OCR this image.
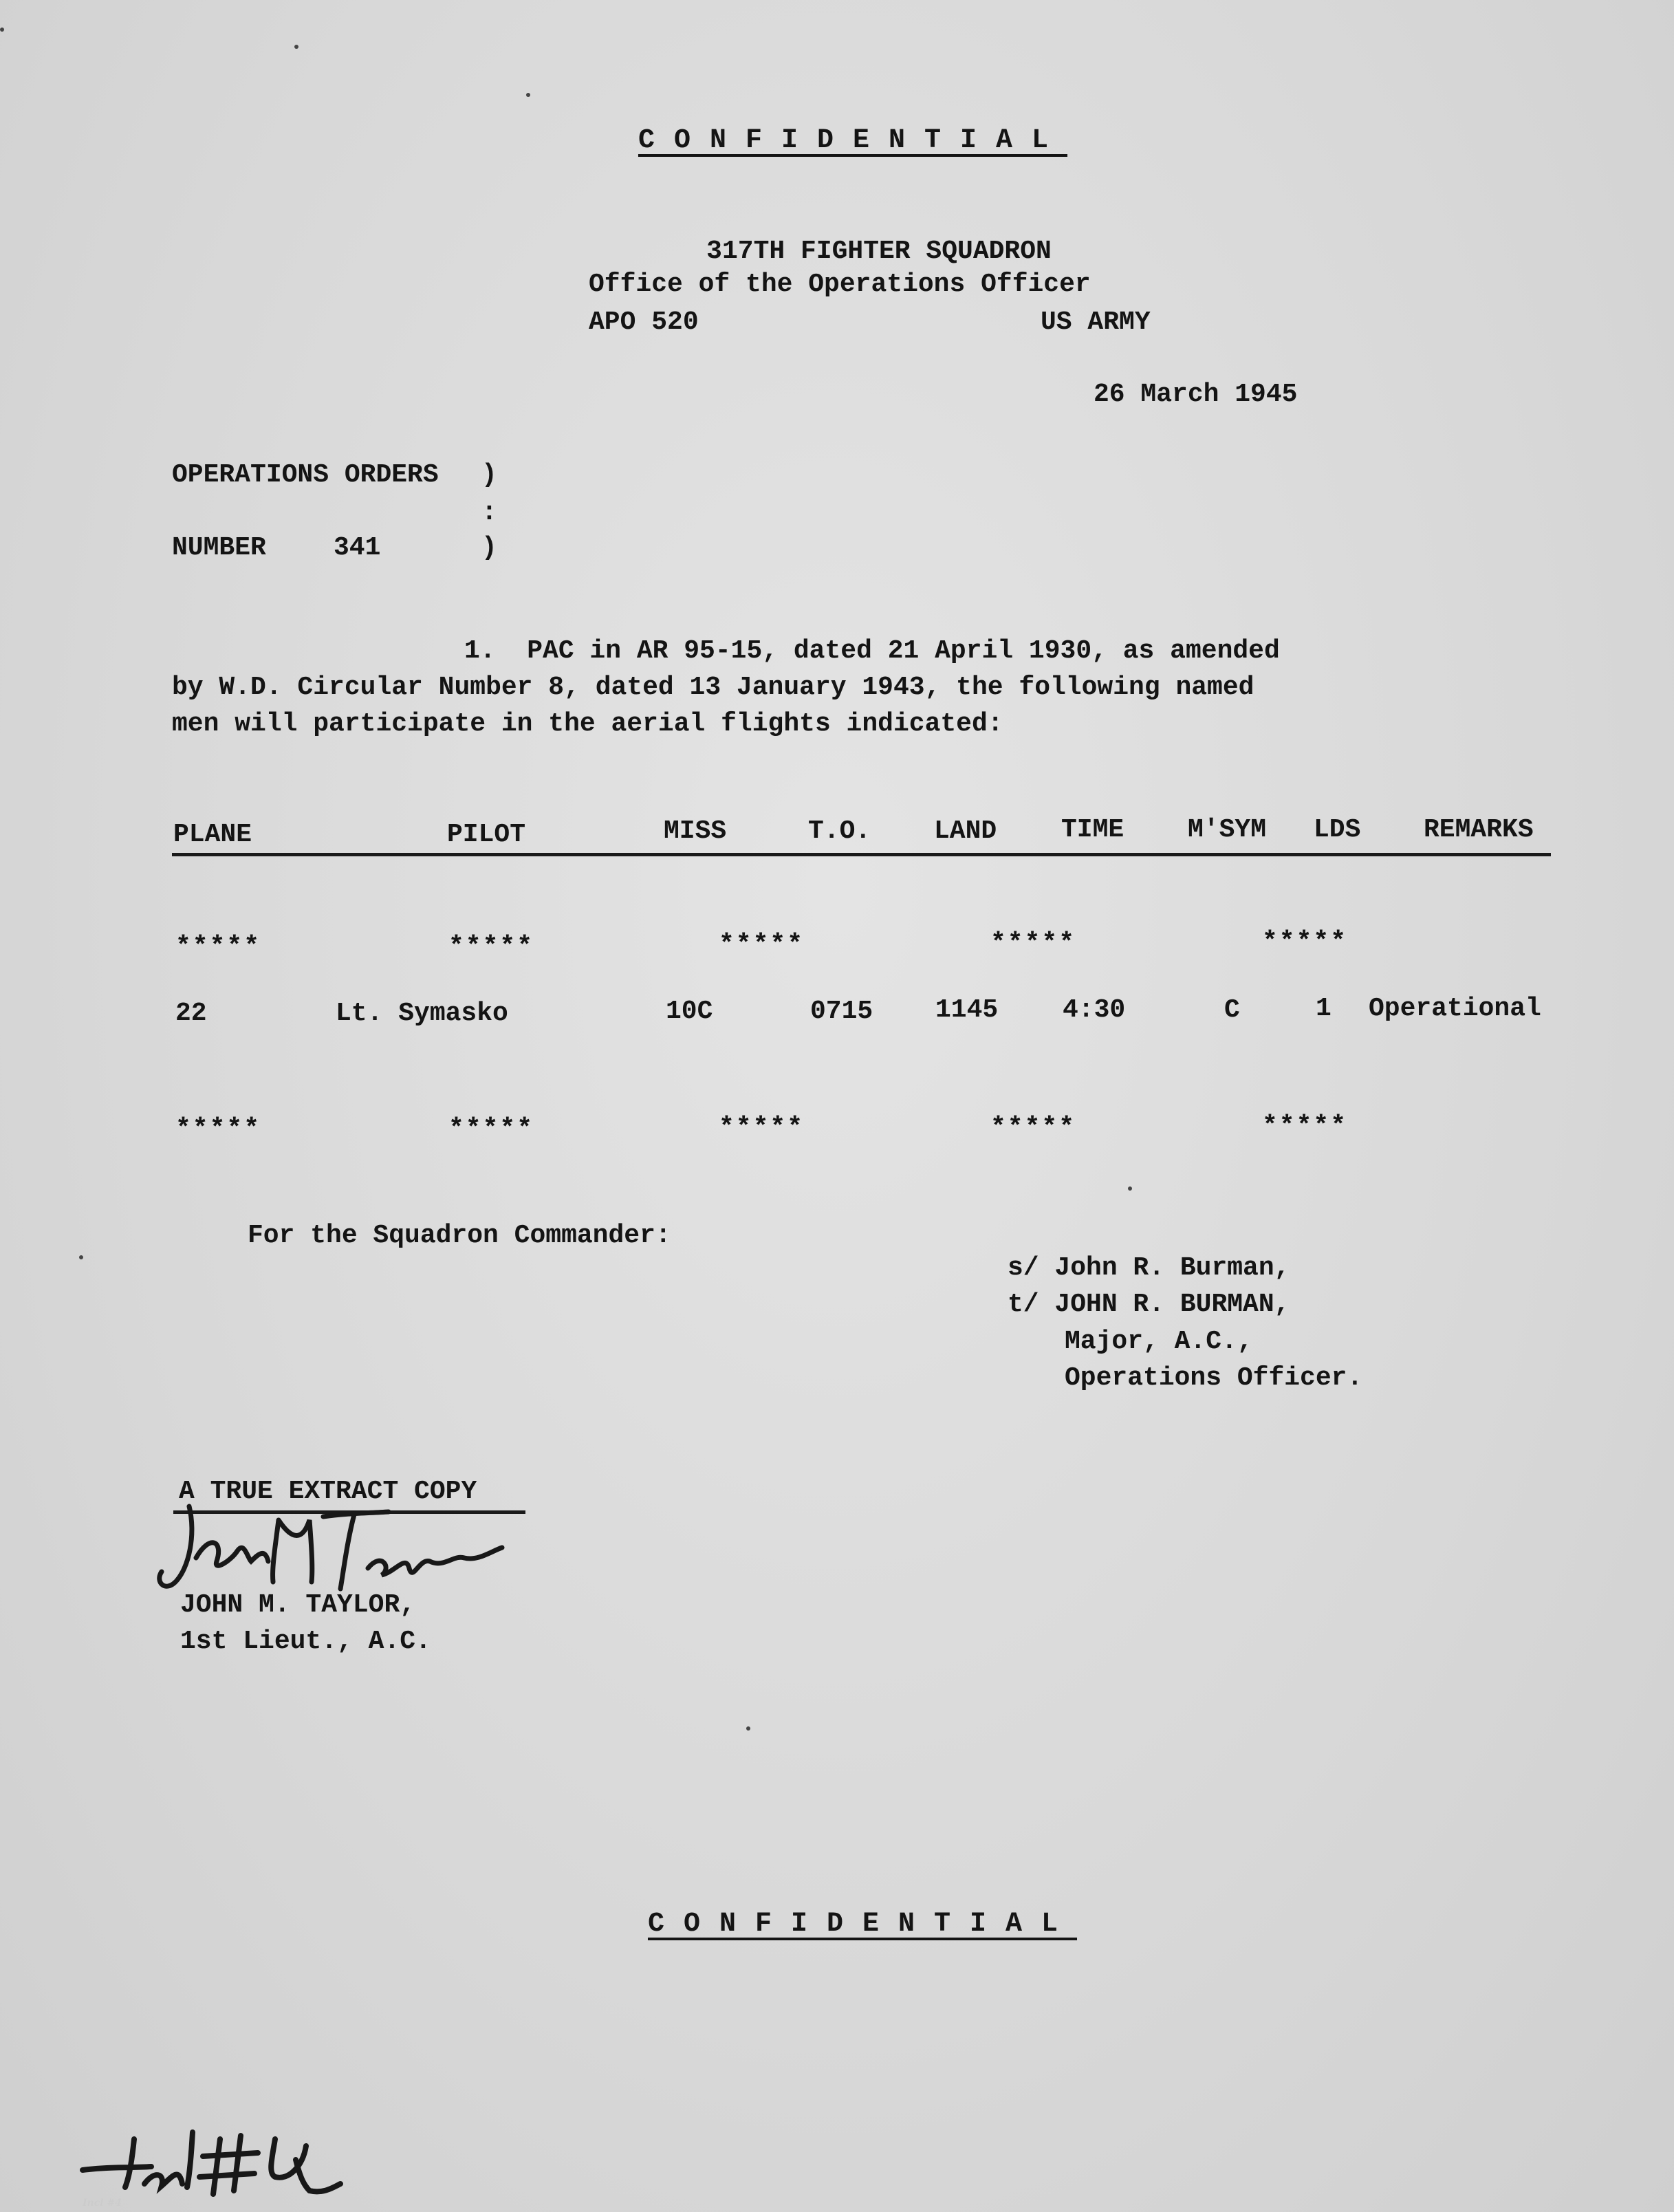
CONFIDENTIAL
317TH FIGHTER SQUADRON
Office of the Operations Officer
APO 520	US ARMY
26 March 1945
OPERATIONS ORDERS )
:
NUMBER	341	)
1.  PAC in AR 95-15, dated 21 April 1930, as amended
by W.D. Circular Number 8, dated 13 January 1943, the following named
men will participate in the aerial flights indicated:
PLANE	PILOT	MISS	T.O. LAND TIME M'SYM LDS REMARKS
*****	*****	*****	*****	*****
22	Lt. Symasko	10C	0715 1145 4:30	C	1 Operational
*****	*****	*****	*****	*****
For the Squadron Commander:
s/ John R. Burman,
t/ JOHN R. BURMAN,
Major, A.C.,
Operations Officer.
A TRUE EXTRACT COPY
JOHN M. TAYLOR,
1st Lieut., A.C.
CONFIDENTIAL
